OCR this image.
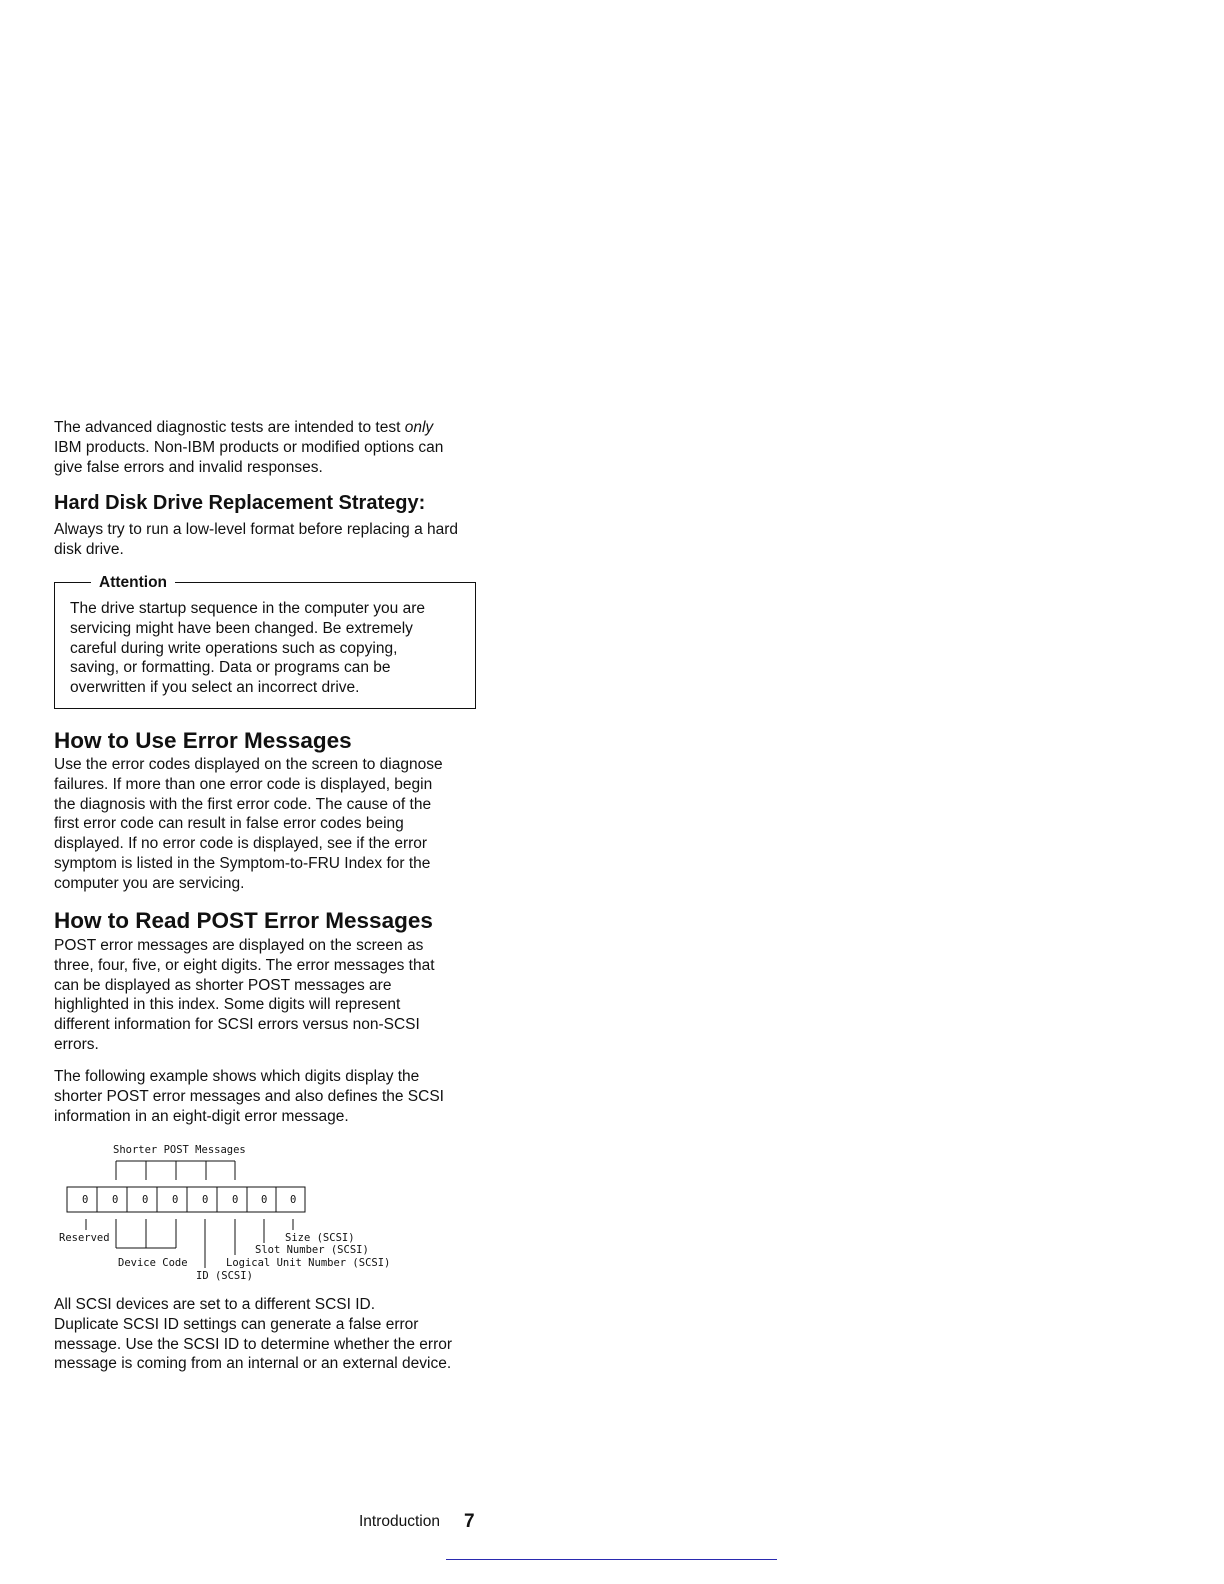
The advanced diagnostic tests are intended to test only
IBM products. Non-IBM products or modified options can
give false errors and invalid responses.
Hard Disk Drive Replacement Strategy:
Always try to run a low-level format before replacing a hard
disk drive.
Attention
The drive startup sequence in the computer you are
servicing might have been changed. Be extremely
careful during write operations such as copying,
saving, or formatting. Data or programs can be
overwritten if you select an incorrect drive.
How to Use Error Messages
Use the error codes displayed on the screen to diagnose
failures. If more than one error code is displayed, begin
the diagnosis with the first error code. The cause of the
first error code can result in false error codes being
displayed. If no error code is displayed, see if the error
symptom is listed in the Symptom-to-FRU Index for the
computer you are servicing.
How to Read POST Error Messages
POST error messages are displayed on the screen as
three, four, five, or eight digits. The error messages that
can be displayed as shorter POST messages are
highlighted in this index. Some digits will represent
different information for SCSI errors versus non-SCSI
errors.
The following example shows which digits display the
shorter POST error messages and also defines the SCSI
information in an eight-digit error message.
All SCSI devices are set to a different SCSI ID.
Duplicate SCSI ID settings can generate a false error
message. Use the SCSI ID to determine whether the error
message is coming from an internal or an external device.
Shorter POST Messages
0 0 0 0 0 0 0 0
Reserved	Size (SCSI)
Slot Number (SCSI)
Device Code	Logical Unit Number (SCSI)
ID (SCSI)
Introduction 7
